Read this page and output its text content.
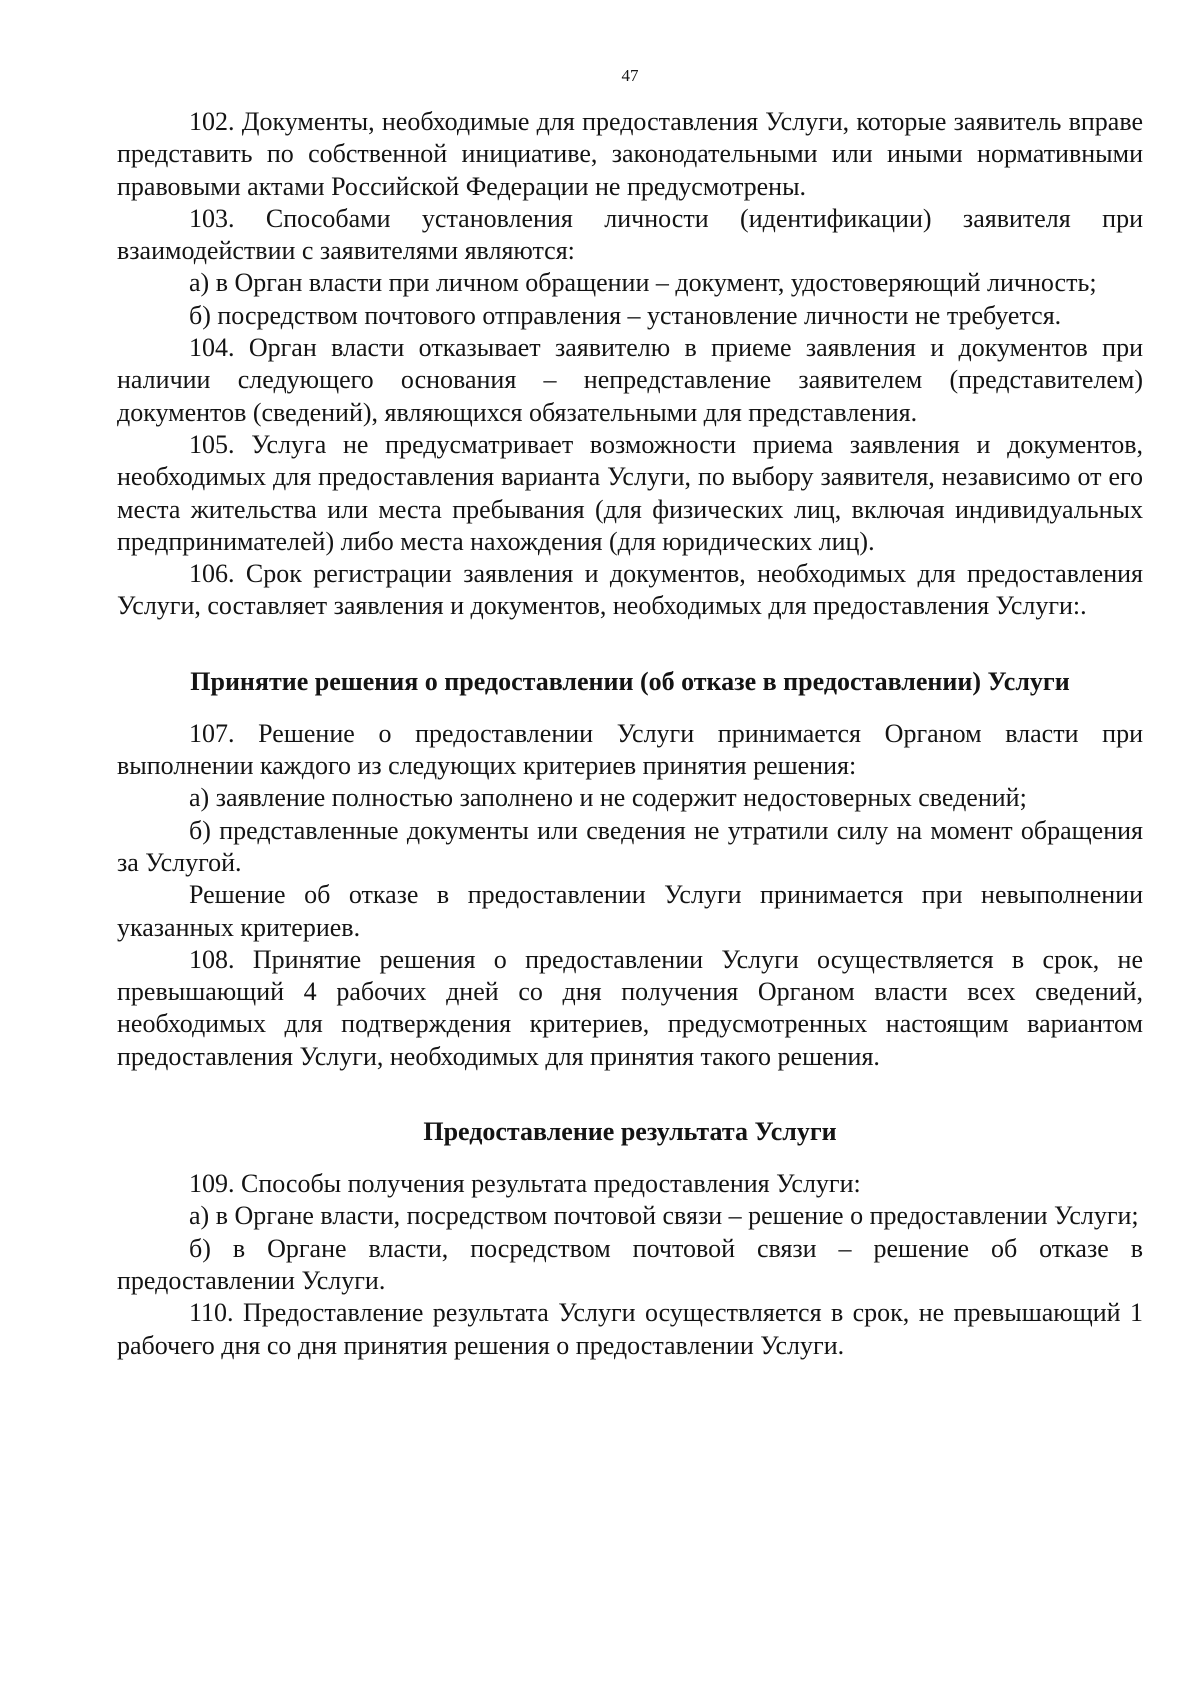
47

102. Документы, необходимые для предоставления Услуги, которые заявитель вправе представить по собственной инициативе, законодательными или иными нормативными правовыми актами Российской Федерации не предусмотрены.

103. Способами установления личности (идентификации) заявителя при взаимодействии с заявителями являются:

а) в Орган власти при личном обращении – документ, удостоверяющий личность;

б) посредством почтового отправления – установление личности не требуется.

104. Орган власти отказывает заявителю в приеме заявления и документов при наличии следующего основания – непредставление заявителем (представителем) документов (сведений), являющихся обязательными для представления.

105. Услуга не предусматривает возможности приема заявления и документов, необходимых для предоставления варианта Услуги, по выбору заявителя, независимо от его места жительства или места пребывания (для физических лиц, включая индивидуальных предпринимателей) либо места нахождения (для юридических лиц).

106. Срок регистрации заявления и документов, необходимых для предоставления Услуги, составляет заявления и документов, необходимых для предоставления Услуги:.

Принятие решения о предоставлении (об отказе в предоставлении) Услуги

107. Решение о предоставлении Услуги принимается Органом власти при выполнении каждого из следующих критериев принятия решения:

а) заявление полностью заполнено и не содержит недостоверных сведений;

б) представленные документы или сведения не утратили силу на момент обращения за Услугой.

Решение об отказе в предоставлении Услуги принимается при невыполнении указанных критериев.

108. Принятие решения о предоставлении Услуги осуществляется в срок, не превышающий 4 рабочих дней со дня получения Органом власти всех сведений, необходимых для подтверждения критериев, предусмотренных настоящим вариантом предоставления Услуги, необходимых для принятия такого решения.

Предоставление результата Услуги

109. Способы получения результата предоставления Услуги:

а) в Органе власти, посредством почтовой связи – решение о предоставлении Услуги;

б) в Органе власти, посредством почтовой связи – решение об отказе в предоставлении Услуги.

110. Предоставление результата Услуги осуществляется в срок, не превышающий 1 рабочего дня со дня принятия решения о предоставлении Услуги.
